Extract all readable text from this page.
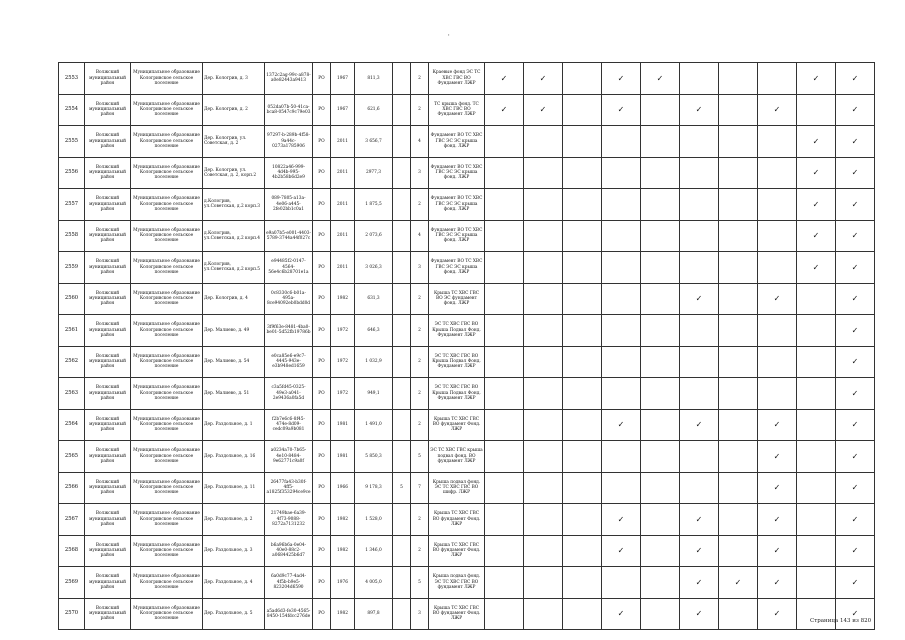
'
2553	Волжский муниципальный район	Муниципальное образование Кологривское сельское поселение	Дер. Кологрив, д. 3	1372c2ag-99c-a878-a0e82443a9413	PO	1967	811,3		2	Краевые фонд ЭС ТС ХВС ГВС ВО Фундамент ЛЖР	✓	✓		✓	✓				✓	✓
2554	Волжский муниципальный район	Муниципальное образование Кологривское сельское поселение	Дер. Кологрив, д. 2	052da07b-50-41ca-bca8-0547c9c79e03	PO	1967	621,6		2	ТС крыша фонд. ТС ХВС ГВС ВО Фундамент ЛЖР	✓	✓		✓		✓		✓		✓
2555	Волжский муниципальный район	Муниципальное образование Кологривское сельское поселение	Дер. Кологрив, ул. Советская, д. 2	97297-b-289b-4f58-9a44c-0273a1785906	PO	2011	3 656,7		4	Фундамент ВО ТС ХВС ГВС ЭС ЭС крыша фонд. ЛЖР									✓	✓
2556	Волжский муниципальный район	Муниципальное образование Кологривское сельское поселение	Дер. Кологрив, ул. Советская, д. 2, корп.2	10822a46-999-4d4b-995-4b2b58b6d2e9	PO	2011	2977,3		3	Фундамент ВО ТС ХВС ГВС ЭС ЭС крыша фонд. ЛЖР									✓	✓
2557	Волжский муниципальный район	Муниципальное образование Кологривское сельское поселение	д.Кологрив, ул.Советская, д.2 корп.3	089-7805-a13a-4e06-a445-2fe02bb1c0a1	PO	2011	1 875,5		2	Фундамент ВО ТС ХВС ГВС ЭС ЭС крыша фонд. ЛЖР									✓	✓
2558	Волжский муниципальный район	Муниципальное образование Кологривское сельское поселение	д.Кологрив, ул.Советская, д.2 корп.4	e9a07b5-e001-4403-5789-3744a44f027c	PO	2011	2 073,6		4	Фундамент ВО ТС ХВС ГВС ЭС ЭС крыша фонд. ЛЖР									✓	✓
2559	Волжский муниципальный район	Муниципальное образование Кологривское сельское поселение	д.Кологрив, ул.Советская, д.2 корп.5	e94485f2-0147-4564-56e4c6b28701e1a	PO	2011	3 026,3		3	Фундамент ВО ТС ХВС ГВС ЭС ЭС крыша фонд. ЛЖР									✓	✓
2560	Волжский муниципальный район	Муниципальное образование Кологривское сельское поселение	Дер. Кологрив, д. 4	0c8330c6-b01a-495a-8ce94092eb0bdd0d	PO	1982	631,3		2	Крыша ТС ХВС ГВС ВО ЭС фундамент фонд. ЛЖР						✓		✓		✓
2561	Волжский муниципальный район	Муниципальное образование Кологривское сельское поселение	Дер. Малиево, д. 49	3f9f63e-8481-4ba0-be01-5d52fb19786b	PO	1972	646,3		2	ЭС ТС ХВС ГВС ВО Крыша Подвал Фонд. Фундамент ЛЖР										✓
2562	Волжский муниципальный район	Муниципальное образование Кологривское сельское поселение	Дер. Малиево, д. 54	e0ca85e6-e9c7-4445-943e-e3b948ed1659	PO	1972	1 032,9		2	ЭС ТС ХВС ГВС ВО Крыша Подвал Фонд. Фундамент ЛЖР										✓
2563	Волжский муниципальный район	Муниципальное образование Кологривское сельское поселение	Дер. Малиево, д. 51	c3a5fd45-0325-49e3-a041-2e9436a0fa5d	PO	1972	949,1		2	ЭС ТС ХВС ГВС ВО Крыша Подвал Фонд. Фундамент ЛЖР										✓
2564	Волжский муниципальный район	Муниципальное образование Кологривское сельское поселение	Дер. Раздольное, д. 1	f2b7e6c6-8f45-474e-8d09-cedc09a9b081	PO	1981	1 491,0		2	Крыша ТС ХВС ГВС ВО фундамент Фонд. ЛЖР				✓		✓		✓		✓
2565	Волжский муниципальный район	Муниципальное образование Кологривское сельское поселение	Дер. Раздольное, д. 16	a0234a70-7b65-4e10-8484-9e62771c9a0f	PO	1981	5 850,3		5	ЭС ТС ХВС ГВС крыша подвал фонд. ВО фундамент ЛЖР								✓		✓
2566	Волжский муниципальный район	Муниципальное образование Кологривское сельское поселение	Дер. Раздольное, д. 11	26477fa43-b30f-4ff5-a1825f353294ce9ce	PO	1966	9 178,3	5	7	Крыша подвал фонд. ЭС ТС ХВС ГВС ВО шифр. ЛЖР								✓		✓
2567	Волжский муниципальный район	Муниципальное образование Кологривское сельское поселение	Дер. Раздольное, д. 2	21749bae-6a39-4f73-9088-8272a7131232	PO	1982	1 528,0		2	Крыша ТС ХВС ГВС ВО фундамент Фонд. ЛЖР				✓		✓		✓		✓
2568	Волжский муниципальный район	Муниципальное образование Кологривское сельское поселение	Дер. Раздольное, д. 3	b6a96b6a-0e04-40e0-88c2-a0684425b6d7	PO	1982	1 346,0		2	Крыша ТС ХВС ГВС ВО фундамент Фонд. ЛЖР				✓		✓		✓		✓
2569	Волжский муниципальный район	Муниципальное образование Кологривское сельское поселение	Дер. Раздольное, д. 4	6a0d9c77-4ad4-4f5b-b9e5-823204d6590	PO	1976	4 005,0		5	Крыша подвал фонд. ЭС ТС ХВС ГВС ВО фундамент ЛЖР						✓	✓	✓		✓
2570	Волжский муниципальный район	Муниципальное образование Кологривское сельское поселение	Дер. Раздольное, д. 5	a5ad6d3-fe30-4565-8450-154fdcc276de	PO	1982	897,8		3	Крыша ТС ХВС ГВС ВО фундамент Фонд. ЛЖР				✓		✓		✓		✓
Страница 143 из 820
